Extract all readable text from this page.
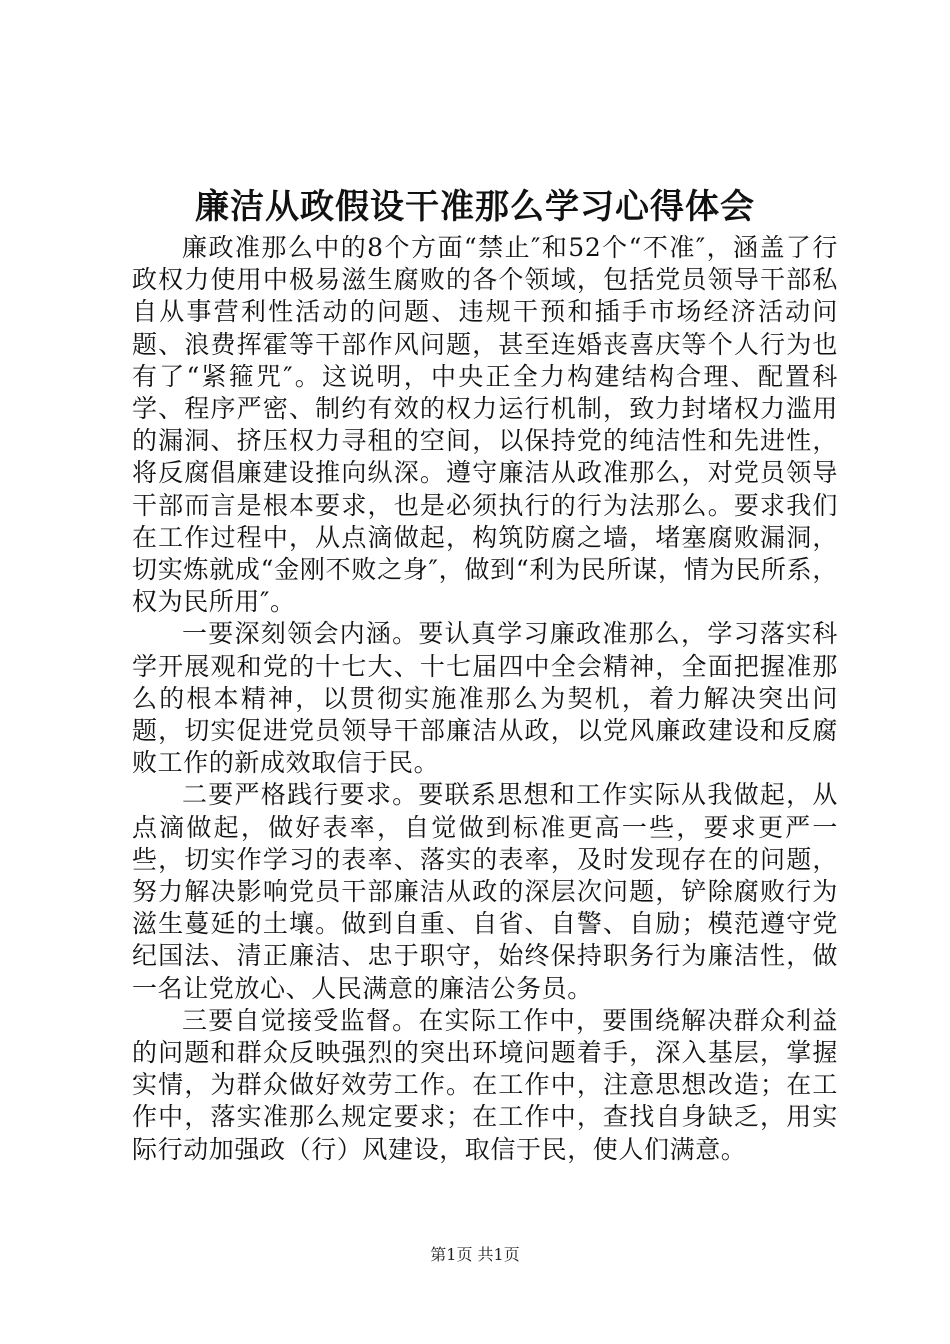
廉洁从政假设干准那么学习心得体会

廉政准那么中的8个方面“禁止″和52个“不准″，涵盖了行政权力使用中极易滋生腐败的各个领域，包括党员领导干部私自从事营利性活动的问题、违规干预和插手市场经济活动问题、浪费挥霍等干部作风问题，甚至连婚丧喜庆等个人行为也有了“紧箍咒″。这说明，中央正全力构建结构合理、配置科学、程序严密、制约有效的权力运行机制，致力封堵权力滥用的漏洞、挤压权力寻租的空间，以保持党的纯洁性和先进性，将反腐倡廉建设推向纵深。遵守廉洁从政准那么，对党员领导干部而言是根本要求，也是必须执行的行为法那么。要求我们在工作过程中，从点滴做起，构筑防腐之墙，堵塞腐败漏洞，切实炼就成“金刚不败之身″，做到“利为民所谋，情为民所系，权为民所用″。

一要深刻领会内涵。要认真学习廉政准那么，学习落实科学开展观和党的十七大、十七届四中全会精神，全面把握准那么的根本精神，以贯彻实施准那么为契机，着力解决突出问题，切实促进党员领导干部廉洁从政，以党风廉政建设和反腐败工作的新成效取信于民。

二要严格践行要求。要联系思想和工作实际从我做起，从点滴做起，做好表率，自觉做到标准更高一些，要求更严一些，切实作学习的表率、落实的表率，及时发现存在的问题，努力解决影响党员干部廉洁从政的深层次问题，铲除腐败行为滋生蔓延的土壤。做到自重、自省、自警、自励；模范遵守党纪国法、清正廉洁、忠于职守，始终保持职务行为廉洁性，做一名让党放心、人民满意的廉洁公务员。

三要自觉接受监督。在实际工作中，要围绕解决群众利益的问题和群众反映强烈的突出环境问题着手，深入基层，掌握实情，为群众做好效劳工作。在工作中，注意思想改造；在工作中，落实准那么规定要求；在工作中，查找自身缺乏，用实际行动加强政（行）风建设，取信于民，使人们满意。

第1页 共1页
